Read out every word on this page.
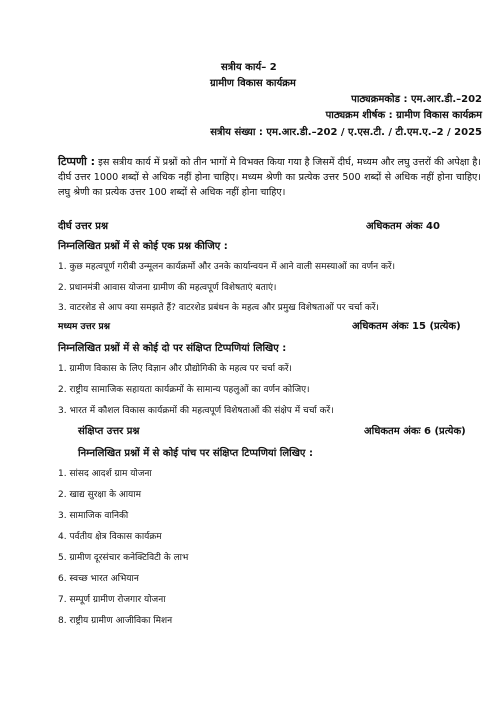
सत्रीय कार्य– 2
ग्रामीण विकास कार्यक्रम
पाठ्यक्रमकोड : एम.आर.डी.–202
पाठ्यक्रम शीर्षक : ग्रामीण विकास कार्यक्रम
सत्रीय संख्या : एम.आर.डी.–202 / ए.एस.टी. / टी.एम.ए.–2 / 2025
टिप्पणी : इस सत्रीय कार्य में प्रश्नों को तीन भागों मे विभक्त किया गया है जिसमें दीर्घ, मध्यम और लघु उत्तरों की अपेक्षा है। दीर्घ उत्तर 1000 शब्दों से अधिक नहीं होना चाहिए। मध्यम श्रेणी का प्रत्येक उत्तर 500 शब्दों से अधिक नहीं होना चाहिए। लघु श्रेणी का प्रत्येक उत्तर 100 शब्दों से अधिक नहीं होना चाहिए।
दीर्घ उत्तर प्रश्न	अधिकतम अंकः 40
निम्नलिखित प्रश्नों में से कोई एक प्रश्न कीजिए :
1. कुछ महत्वपूर्ण गरीबी उन्मूलन कार्यक्रमों और उनके कार्यान्वयन में आने वाली समस्याओं का वर्णन करें।
2. प्रधानमंत्री आवास योजना ग्रामीण की महत्वपूर्ण विशेषताएं बताएं।
3. वाटरशेड से आप क्या समझते हैं? वाटरशेड प्रबंधन के महत्व और प्रमुख विशेषताओं पर चर्चा करें।
मध्यम उत्तर प्रश्न	अधिकतम अंकः 15 (प्रत्येक)
निम्नलिखित प्रश्नों में से कोई दो पर संक्षिप्त टिप्पणियां लिखिए :
1. ग्रामीण विकास के लिए विज्ञान और प्रौद्योगिकी के महत्व पर चर्चा करें।
2. राष्ट्रीय सामाजिक सहायता कार्यक्रमों के सामान्य पहलुओं का वर्णन कोजिए।
3. भारत में कौशल विकास कार्यक्रमों की महत्वपूर्ण विशेषताओं की संक्षेप में चर्चा करें।
संक्षिप्त उत्तर प्रश्न	अधिकतम अंकः 6 (प्रत्येक)
निम्नलिखित प्रश्नों में से कोई पांच पर संक्षिप्त टिप्पणियां लिखिए :
1. सांसद आदर्श ग्राम योजना
2. खाद्य सुरक्षा के आयाम
3. सामाजिक वानिकी
4. पर्वतीय क्षेत्र विकास कार्यक्रम
5. ग्रामीण दूरसंचार कनेक्टिविटी के लाभ
6. स्वच्छ भारत अभियान
7. सम्पूर्ण ग्रामीण रोजगार योजना
8. राष्ट्रीय ग्रामीण आजीविका मिशन
